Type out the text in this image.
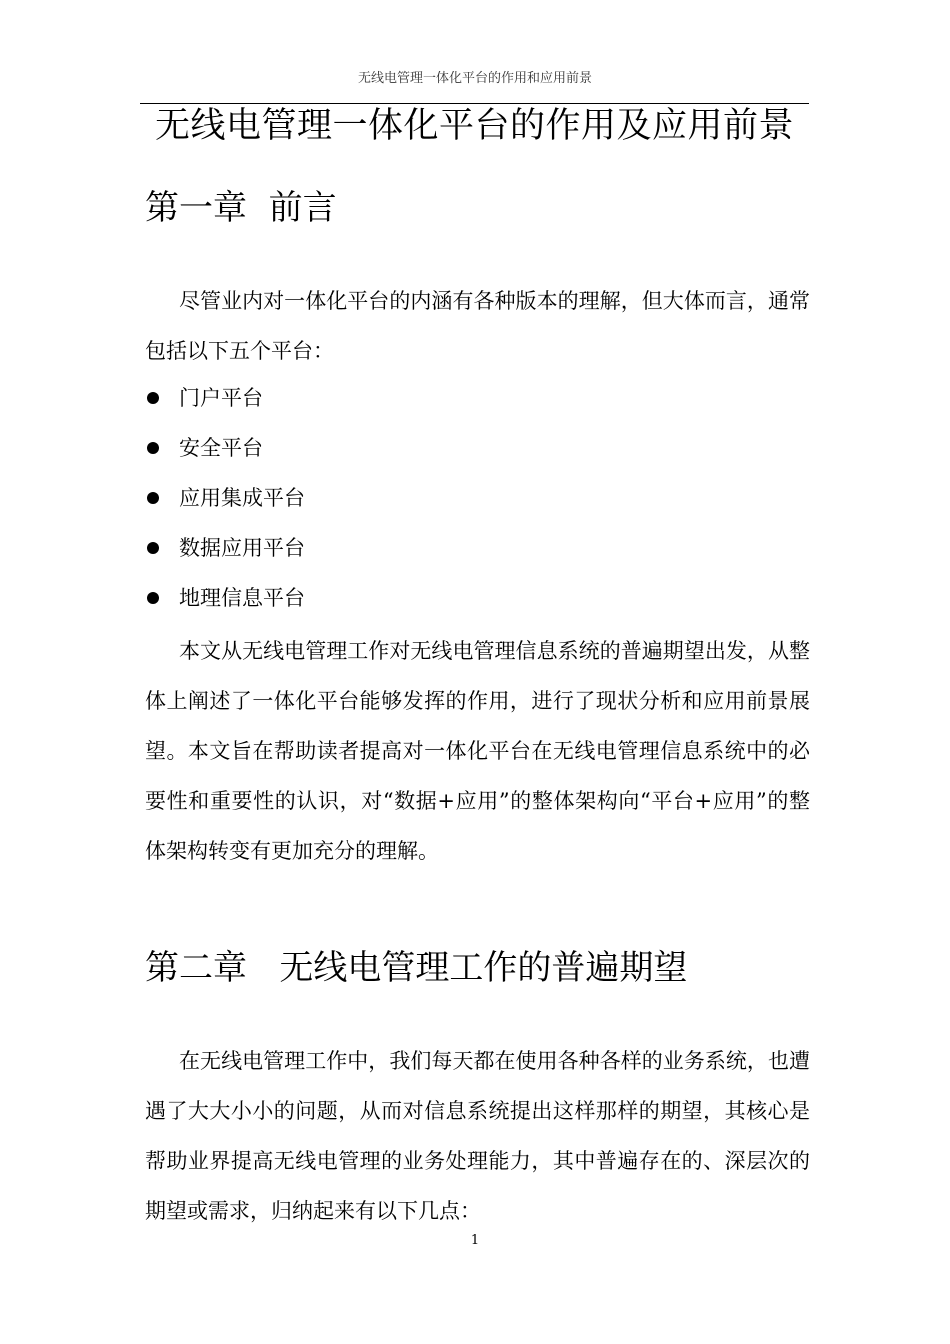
无线电管理一体化平台的作用和应用前景
无线电管理一体化平台的作用及应用前景
第一章  前言

尽管业内对一体化平台的内涵有各种版本的理解，但大体而言，通常包括以下五个平台：

门户平台
安全平台
应用集成平台
数据应用平台
地理信息平台

本文从无线电管理工作对无线电管理信息系统的普遍期望出发，从整体上阐述了一体化平台能够发挥的作用，进行了现状分析和应用前景展望。本文旨在帮助读者提高对一体化平台在无线电管理信息系统中的必要性和重要性的认识，对“数据+应用”的整体架构向“平台+应用”的整体架构转变有更加充分的理解。

第二章   无线电管理工作的普遍期望

在无线电管理工作中，我们每天都在使用各种各样的业务系统，也遭遇了大大小小的问题，从而对信息系统提出这样那样的期望，其核心是帮助业界提高无线电管理的业务处理能力，其中普遍存在的、深层次的期望或需求，归纳起来有以下几点：

1
